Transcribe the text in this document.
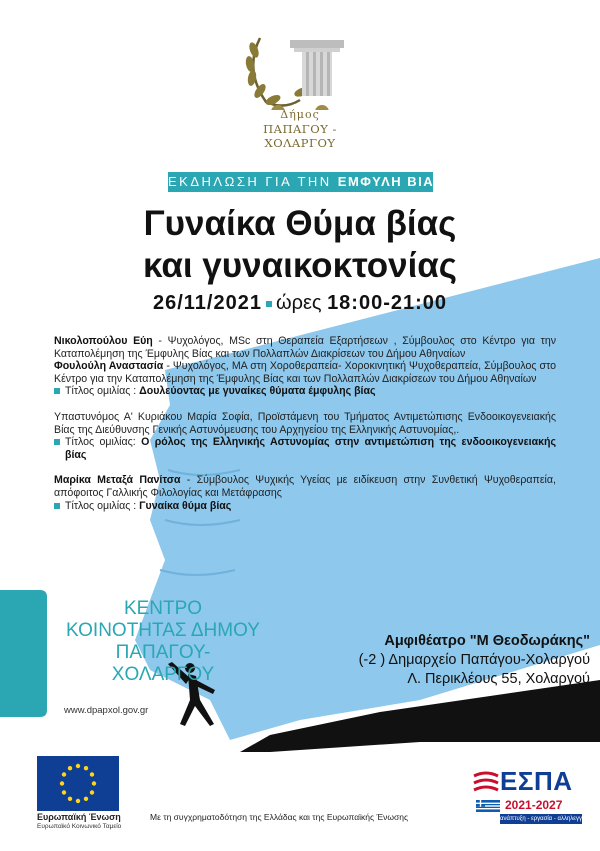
Δήμος
ΠΑΠΑΓΟΥ - ΧΟΛΑΡΓΟΥ
ΕΚΔΗΛΩΣΗ ΓΙΑ ΤΗΝ ΕΜΦΥΛΗ ΒΙΑ
Γυναίκα Θύμα βίας
και γυναικοκτονίας
26/11/2021 ώρες 18:00-21:00

Νικολοπούλου Εύη - Ψυχολόγος, MSc στη Θεραπεία Εξαρτήσεων , Σύμβουλος στο Κέντρο για την Καταπολέμηση της Έμφυλης Βίας και των Πολλαπλών Διακρίσεων του Δήμου Αθηναίων

Φουλούλη Αναστασία - Ψυχολόγος, ΜΑ στη Χοροθεραπεία- Χοροκινητική Ψυχοθεραπεία, Σύμβουλος στο Κέντρο για την Καταπολέμηση της Έμφυλης Βίας και των Πολλαπλών Διακρίσεων του Δήμου Αθηναίων

Τίτλος ομιλίας : Δουλεύοντας με γυναίκες θύματα έμφυλης βίας

Υπαστυνόμος Α' Κυριάκου Μαρία Σοφία, Προϊστάμενη του Τμήματος Αντιμετώπισης Ενδοοικογενειακής Βίας της Διεύθυνσης Γενικής Αστυνόμευσης του Αρχηγείου της Ελληνικής Αστυνομίας,.

Τίτλος ομιλίας: Ο ρόλος της Ελληνικής Αστυνομίας στην αντιμετώπιση της ενδοοικογενειακής βίας

Μαρίκα Μεταξά Πανίτσα - Σύμβουλος Ψυχικής Υγείας με ειδίκευση στην Συνθετική Ψυχοθεραπεία, απόφοιτος Γαλλικής Φιλολογίας και Μετάφρασης

Τίτλος ομιλίας : Γυναίκα θύμα βίας

ΚΕΝΤΡΟ
ΚΟΙΝΟΤΗΤΑΣ ΔΗΜΟΥ
ΠΑΠΑΓΟΥ-
ΧΟΛΑΡΓΟΥ
www.dpapxol.gov.gr
Αμφιθέατρο "Μ Θεοδωράκης"
(-2 ) Δημαρχείο Παπάγου-Χολαργού
Λ. Περικλέους 55, Χολαργού
Ευρωπαϊκή Ένωση
Ευρωπαϊκό Κοινωνικό Ταμείο
Με τη συγχρηματοδότηση της Ελλάδας και της Ευρωπαϊκής Ένωσης
ΕΣΠΑ
2021-2027
ανάπτυξη - εργασία - αλληλεγγύη
